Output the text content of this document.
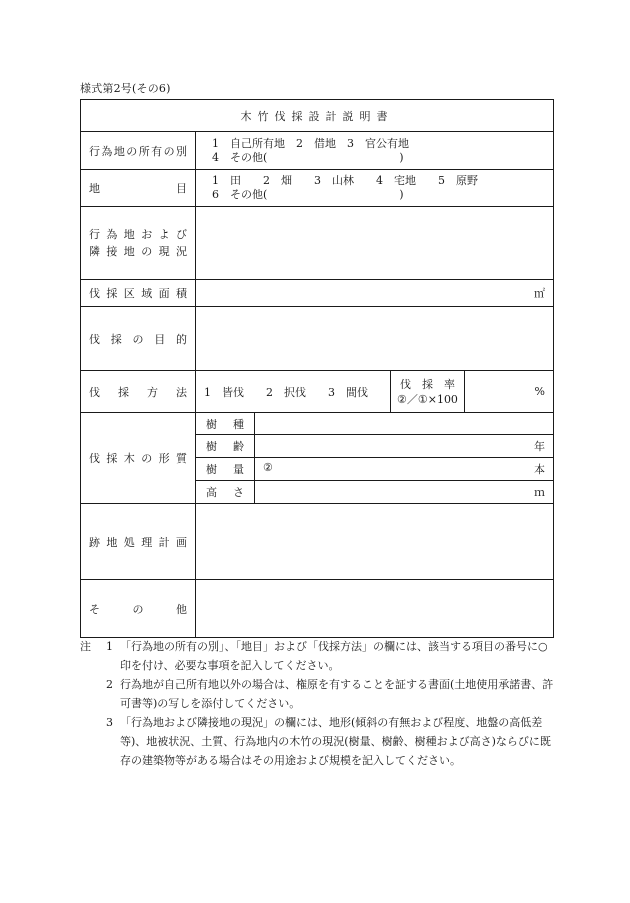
様式第2号(その6)
木竹伐採設計説明書				
行為地の所有の別	1　自己所有地　2　借地　3　官公有地
4　その他(　　　　　　　　　　　　)			

地目	1　田　　2　畑　　3　山林　　4　宅地　　5　原野
6　その他(　　　　　　　　　　　　)			

行為地および
隣接地の現況				

伐採区域面積	㎡			
伐採の目的				
伐採方法	1　皆伐　　2　択伐　　3　間伐		伐採率
②／①×100	%
伐採木の形質	樹種			
	樹齢	年		
	樹量	② 本		

	高さ	ｍ		
跡地処理計画				
その他				
注 1 「行為地の所有の別」、「地目」および「伐採方法」の欄には、該当する項目の番号に○印を付け、必要な事項を記入してください。
2 行為地が自己所有地以外の場合は、権原を有することを証する書面(土地使用承諾書、許可書等)の写しを添付してください。
3 「行為地および隣接地の現況」の欄には、地形(傾斜の有無および程度、地盤の高低差等)、地被状況、土質、行為地内の木竹の現況(樹量、樹齢、樹種および高さ)ならびに既存の建築物等がある場合はその用途および規模を記入してください。
